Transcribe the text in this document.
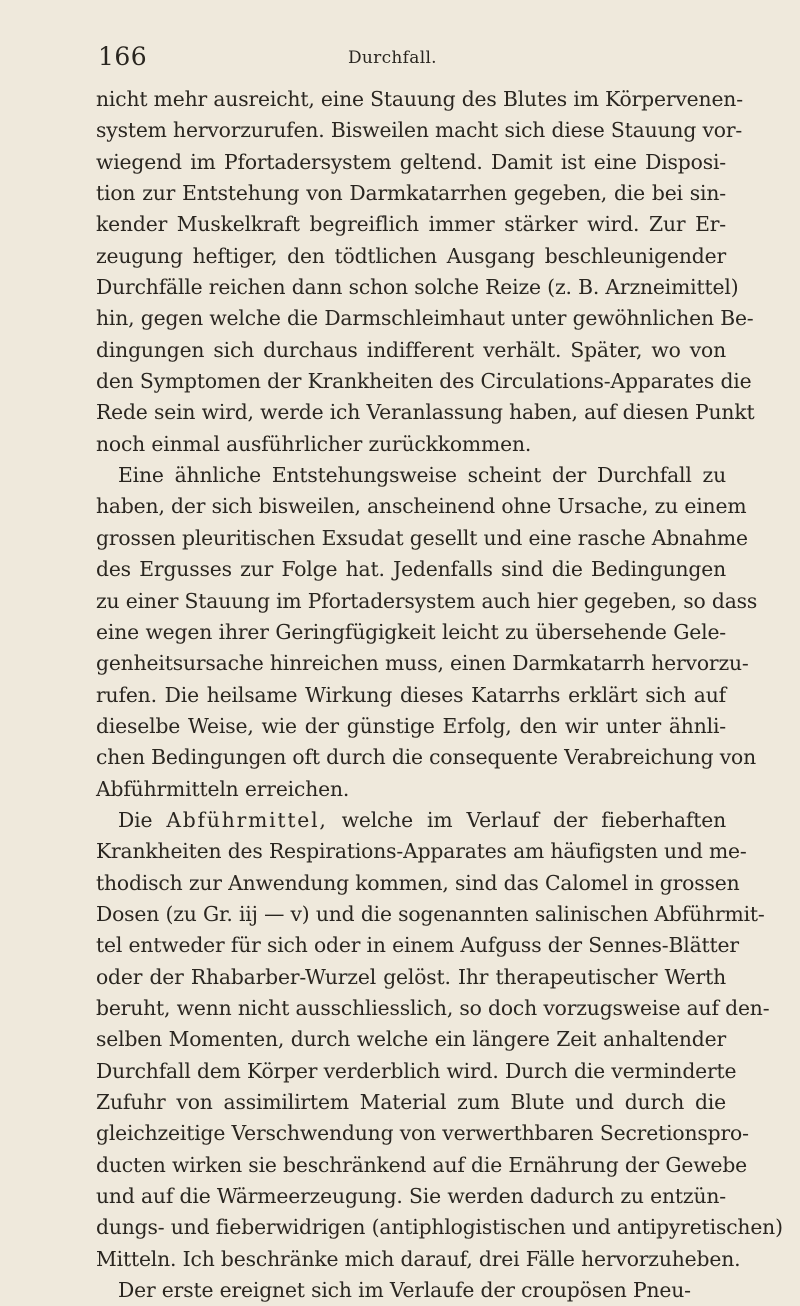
166	Durchfall.
nicht mehr ausreicht, eine Stauung des Blutes im Körpervenen-
system hervorzurufen. Bisweilen macht sich diese Stauung vor-
wiegend im Pfortadersystem geltend. Damit ist eine Disposi-
tion zur Entstehung von Darmkatarrhen gegeben, die bei sin-
kender Muskelkraft begreiflich immer stärker wird. Zur Er-
zeugung heftiger, den tödtlichen Ausgang beschleunigender
Durchfälle reichen dann schon solche Reize (z. B. Arzneimittel)
hin, gegen welche die Darmschleimhaut unter gewöhnlichen Be-
dingungen sich durchaus indifferent verhält. Später, wo von
den Symptomen der Krankheiten des Circulations-Apparates die
Rede sein wird, werde ich Veranlassung haben, auf diesen Punkt
noch einmal ausführlicher zurückkommen.
Eine ähnliche Entstehungsweise scheint der Durchfall zu
haben, der sich bisweilen, anscheinend ohne Ursache, zu einem
grossen pleuritischen Exsudat gesellt und eine rasche Abnahme
des Ergusses zur Folge hat. Jedenfalls sind die Bedingungen
zu einer Stauung im Pfortadersystem auch hier gegeben, so dass
eine wegen ihrer Geringfügigkeit leicht zu übersehende Gele-
genheitsursache hinreichen muss, einen Darmkatarrh hervorzu-
rufen. Die heilsame Wirkung dieses Katarrhs erklärt sich auf
dieselbe Weise, wie der günstige Erfolg, den wir unter ähnli-
chen Bedingungen oft durch die consequente Verabreichung von
Abführmitteln erreichen.
Die Abführmittel, welche im Verlauf der fieberhaften
Krankheiten des Respirations-Apparates am häufigsten und me-
thodisch zur Anwendung kommen, sind das Calomel in grossen
Dosen (zu Gr. iij — v) und die sogenannten salinischen Abführmit-
tel entweder für sich oder in einem Aufguss der Sennes-Blätter
oder der Rhabarber-Wurzel gelöst. Ihr therapeutischer Werth
beruht, wenn nicht ausschliesslich, so doch vorzugsweise auf den-
selben Momenten, durch welche ein längere Zeit anhaltender
Durchfall dem Körper verderblich wird. Durch die verminderte
Zufuhr von assimilirtem Material zum Blute und durch die
gleichzeitige Verschwendung von verwerthbaren Secretionspro-
ducten wirken sie beschränkend auf die Ernährung der Gewebe
und auf die Wärmeerzeugung. Sie werden dadurch zu entzün-
dungs- und fieberwidrigen (antiphlogistischen und antipyretischen)
Mitteln. Ich beschränke mich darauf, drei Fälle hervorzuheben.
Der erste ereignet sich im Verlaufe der croupösen Pneu-
